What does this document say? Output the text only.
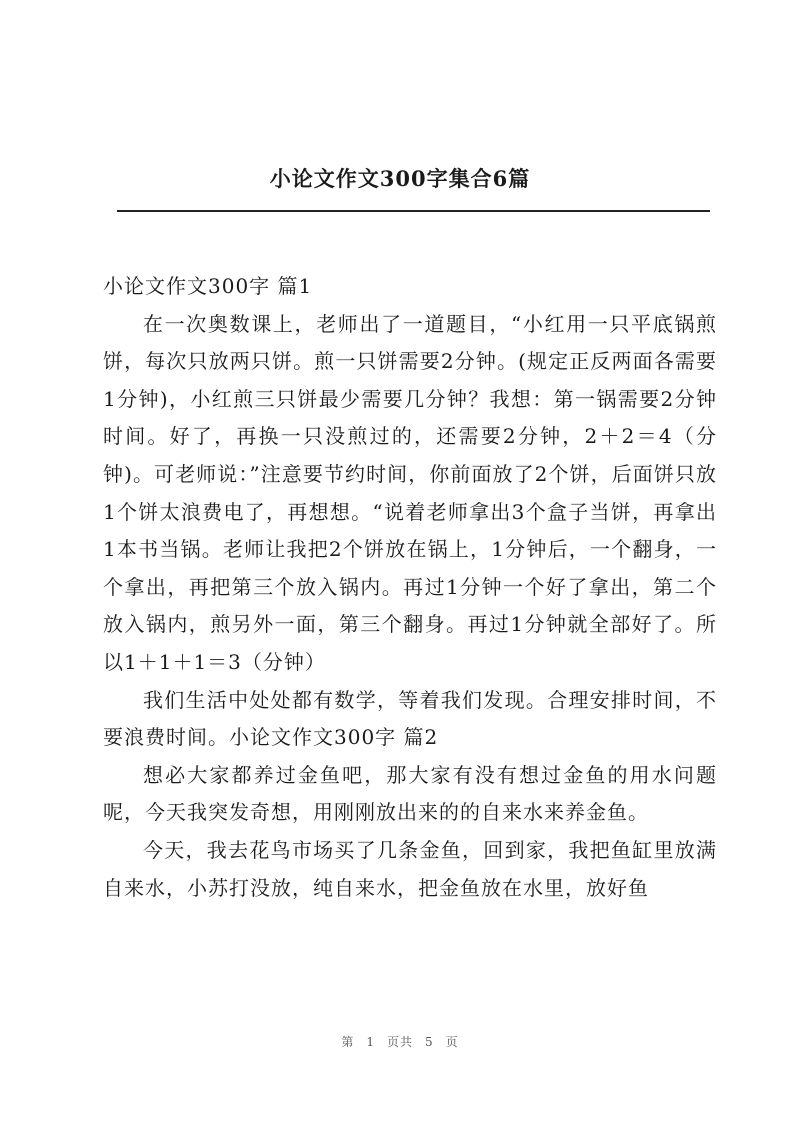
小论文作文300字集合6篇

小论文作文300字 篇1

在一次奥数课上，老师出了一道题目，“小红用一只平底锅煎饼，每次只放两只饼。煎一只饼需要2分钟。(规定正反两面各需要1分钟)，小红煎三只饼最少需要几分钟？我想：第一锅需要2分钟时间。好了，再换一只没煎过的，还需要2分钟，2＋2＝4（分钟)。可老师说：”注意要节约时间，你前面放了2个饼，后面饼只放1个饼太浪费电了，再想想。“说着老师拿出3个盒子当饼，再拿出1本书当锅。老师让我把2个饼放在锅上，1分钟后，一个翻身，一个拿出，再把第三个放入锅内。再过1分钟一个好了拿出，第二个放入锅内，煎另外一面，第三个翻身。再过1分钟就全部好了。所以1＋1＋1＝3（分钟）

我们生活中处处都有数学，等着我们发现。合理安排时间，不要浪费时间。小论文作文300字 篇2

想必大家都养过金鱼吧，那大家有没有想过金鱼的用水问题呢，今天我突发奇想，用刚刚放出来的的自来水来养金鱼。

今天，我去花鸟市场买了几条金鱼，回到家，我把鱼缸里放满自来水，小苏打没放，纯自来水，把金鱼放在水里，放好鱼

第 1 页共 5 页
